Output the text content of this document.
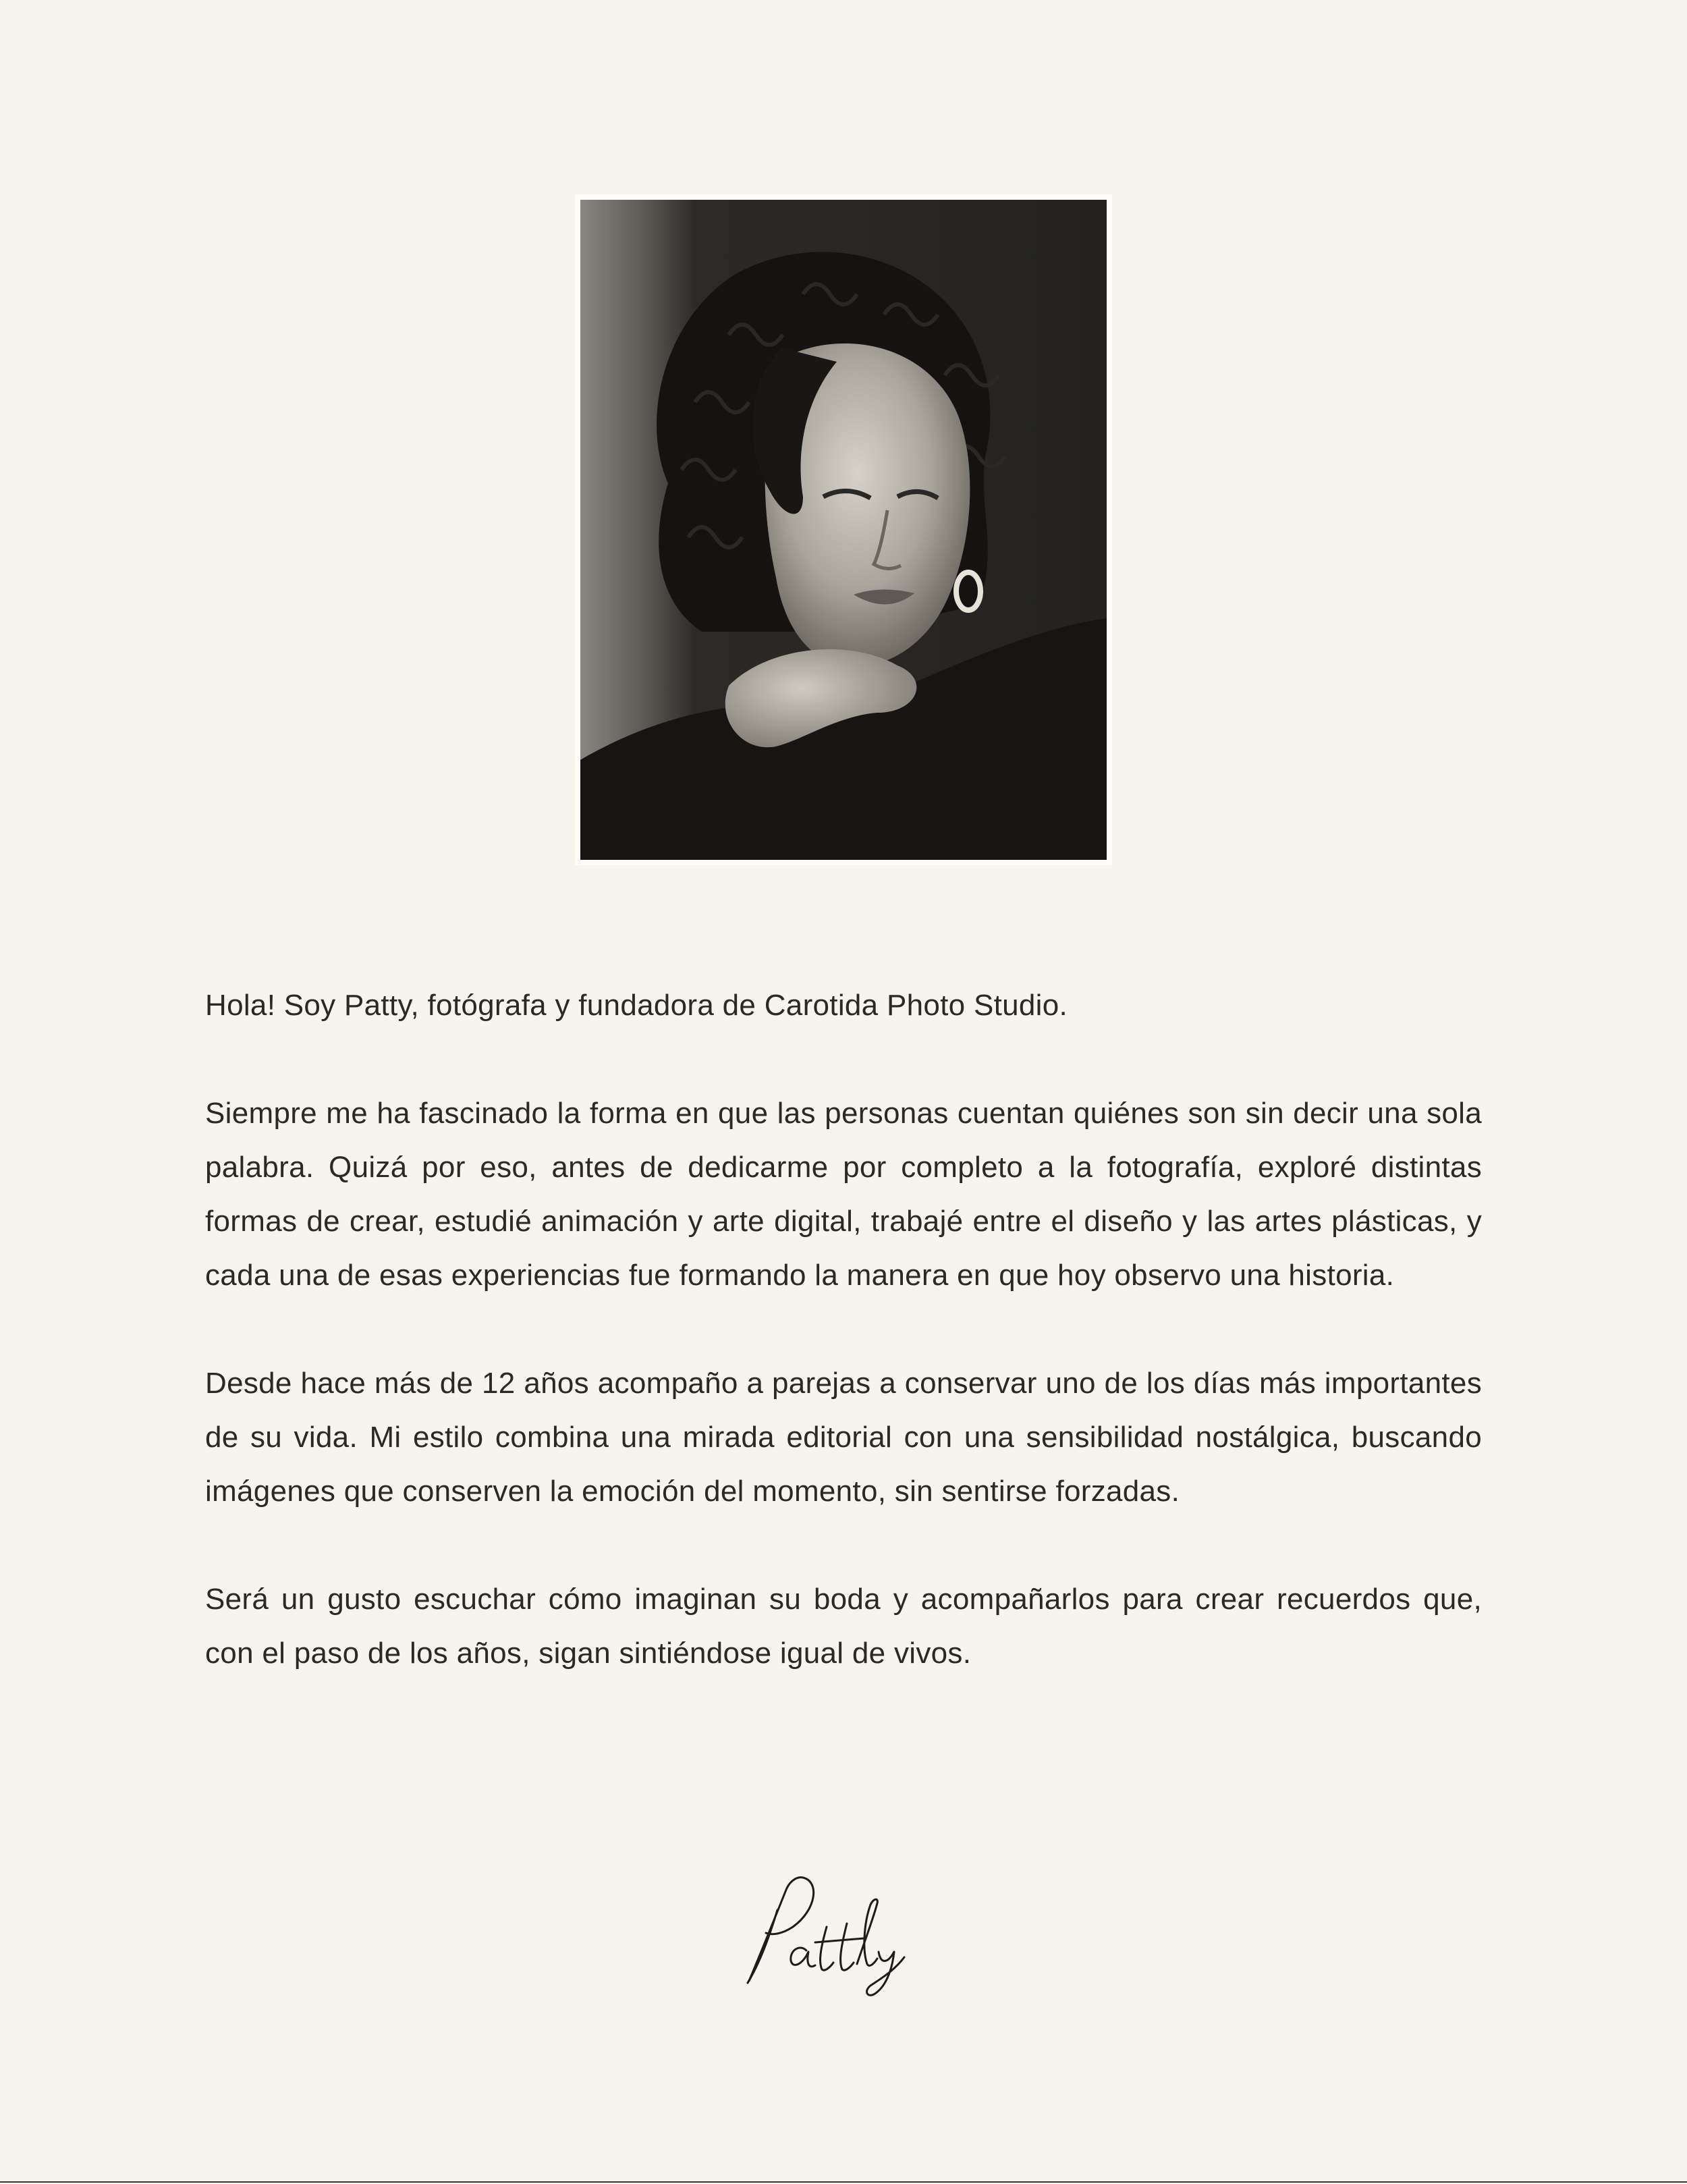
Hola! Soy Patty, fotógrafa y fundadora de Carotida Photo Studio.

Siempre me ha fascinado la forma en que las personas cuentan quiénes son sin decir una sola palabra. Quizá por eso, antes de dedicarme por completo a la fotografía, exploré distintas formas de crear, estudié animación y arte digital, trabajé entre el diseño y las artes plásticas, y cada una de esas experiencias fue formando la manera en que hoy observo una historia.

Desde hace más de 12 años acompaño a parejas a conservar uno de los días más importantes de su vida. Mi estilo combina una mirada editorial con una sensibilidad nostálgica, buscando imágenes que conserven la emoción del momento, sin sentirse forzadas.

Será un gusto escuchar cómo imaginan su boda y acompañarlos para crear recuerdos que, con el paso de los años, sigan sintiéndose igual de vivos.
